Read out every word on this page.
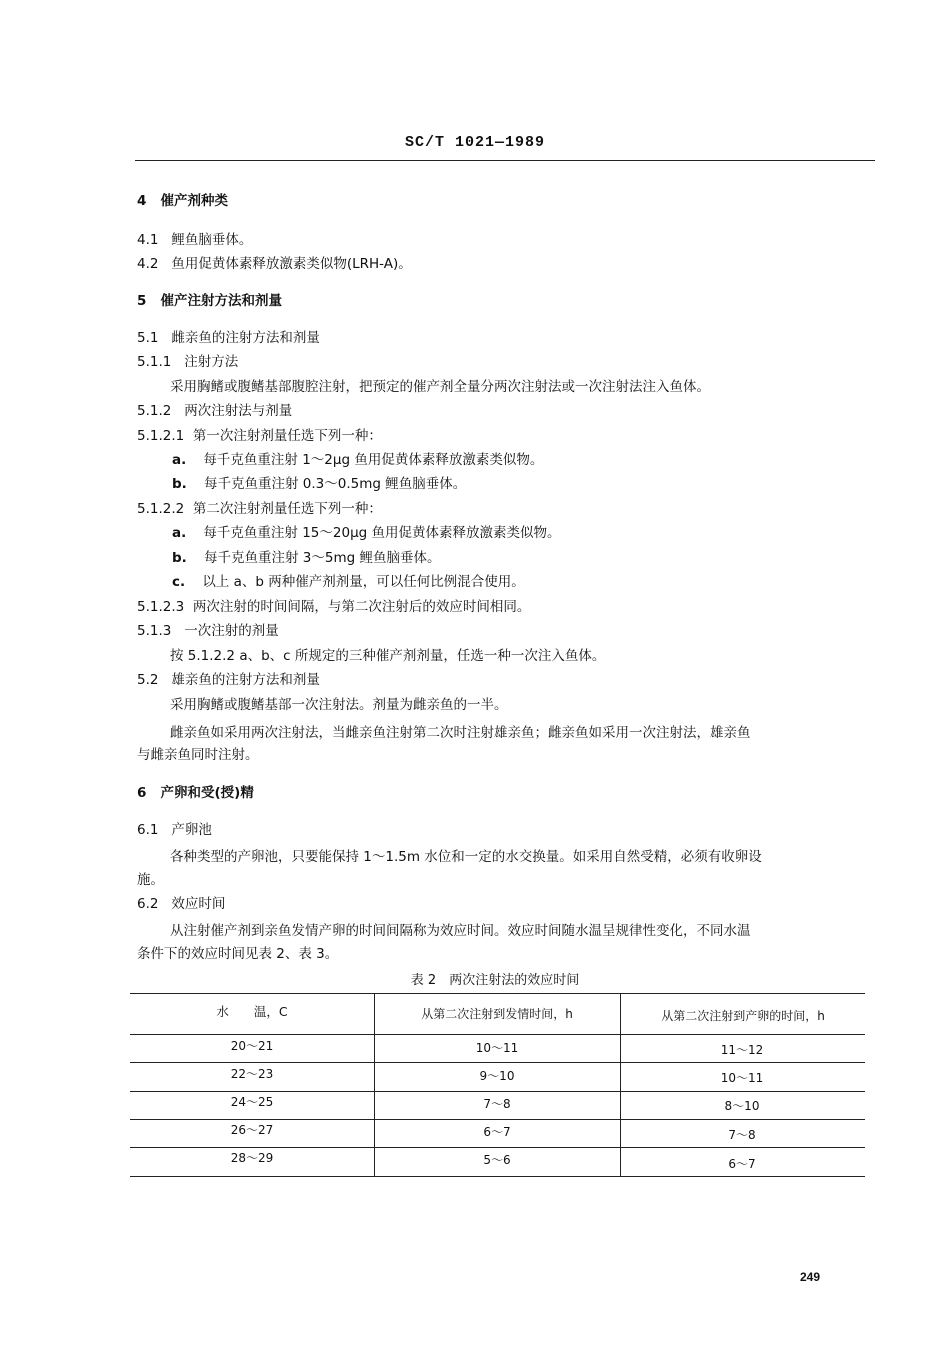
SC/T 1021—1989
4 催产剂种类
4.1 鲤鱼脑垂体。
4.2 鱼用促黄体素释放激素类似物(LRH-A)。
5 催产注射方法和剂量
5.1 雌亲鱼的注射方法和剂量
5.1.1 注射方法
采用胸鳍或腹鳍基部腹腔注射，把预定的催产剂全量分两次注射法或一次注射法注入鱼体。
5.1.2 两次注射法与剂量
5.1.2.1 第一次注射剂量任选下列一种：
a. 每千克鱼重注射 1～2μg 鱼用促黄体素释放激素类似物。
b. 每千克鱼重注射 0.3～0.5mg 鲤鱼脑垂体。
5.1.2.2 第二次注射剂量任选下列一种：
a. 每千克鱼重注射 15～20μg 鱼用促黄体素释放激素类似物。
b. 每千克鱼重注射 3～5mg 鲤鱼脑垂体。
c. 以上 a、b 两种催产剂剂量，可以任何比例混合使用。
5.1.2.3 两次注射的时间间隔，与第二次注射后的效应时间相同。
5.1.3 一次注射的剂量
按 5.1.2.2 a、b、c 所规定的三种催产剂剂量，任选一种一次注入鱼体。
5.2 雄亲鱼的注射方法和剂量
采用胸鳍或腹鳍基部一次注射法。剂量为雌亲鱼的一半。
雌亲鱼如采用两次注射法，当雌亲鱼注射第二次时注射雄亲鱼；雌亲鱼如采用一次注射法，雄亲鱼
与雌亲鱼同时注射。
6 产卵和受(授)精
6.1 产卵池
各种类型的产卵池，只要能保持 1～1.5m 水位和一定的水交换量。如采用自然受精，必须有收卵设
施。
6.2 效应时间
从注射催产剂到亲鱼发情产卵的时间间隔称为效应时间。效应时间随水温呈规律性变化，不同水温
条件下的效应时间见表 2、表 3。
表 2　两次注射法的效应时间
水　　温，C	从第二次注射到发情时间，h	从第二次注射到产卵的时间，h
20～21	10～11	11～12
22～23	9～10	10～11
24～25	7～8	8～10
26～27	6～7	7～8
28～29	5～6	6～7
249
